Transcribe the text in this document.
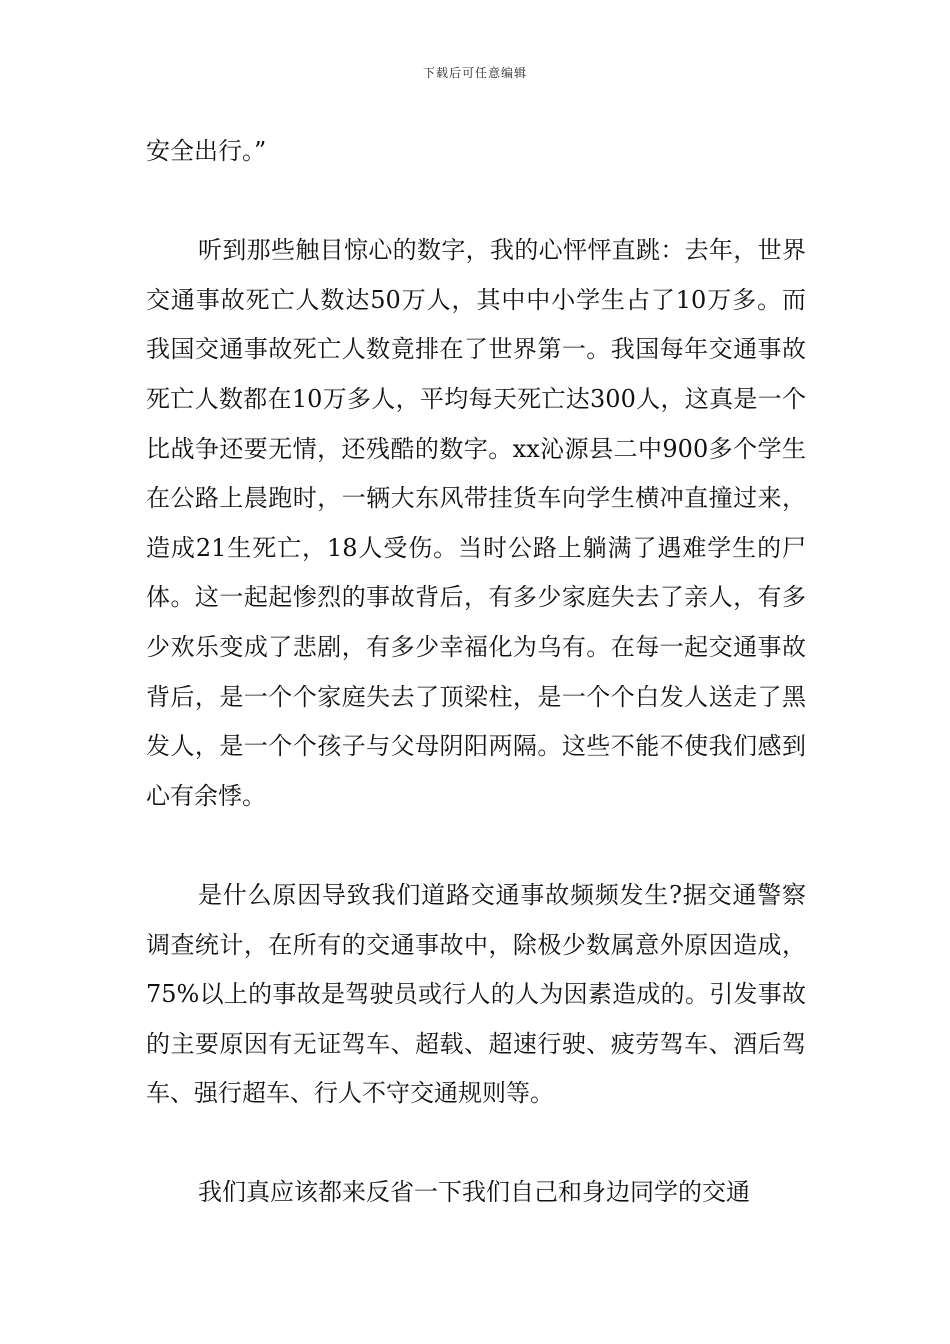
下载后可任意编辑

安全出行。”

听到那些触目惊心的数字，我的心怦怦直跳：去年，世界交通事故死亡人数达50万人，其中中小学生占了10万多。而我国交通事故死亡人数竟排在了世界第一。我国每年交通事故死亡人数都在10万多人，平均每天死亡达300人，这真是一个比战争还要无情，还残酷的数字。xx沁源县二中900多个学生在公路上晨跑时，一辆大东风带挂货车向学生横冲直撞过来，造成21生死亡，18人受伤。当时公路上躺满了遇难学生的尸体。这一起起惨烈的事故背后，有多少家庭失去了亲人，有多少欢乐变成了悲剧，有多少幸福化为乌有。在每一起交通事故背后，是一个个家庭失去了顶梁柱，是一个个白发人送走了黑发人，是一个个孩子与父母阴阳两隔。这些不能不使我们感到心有余悸。

是什么原因导致我们道路交通事故频频发生?据交通警察调查统计，在所有的交通事故中，除极少数属意外原因造成，75%以上的事故是驾驶员或行人的人为因素造成的。引发事故的主要原因有无证驾车、超载、超速行驶、疲劳驾车、酒后驾车、强行超车、行人不守交通规则等。

我们真应该都来反省一下我们自己和身边同学的交通
